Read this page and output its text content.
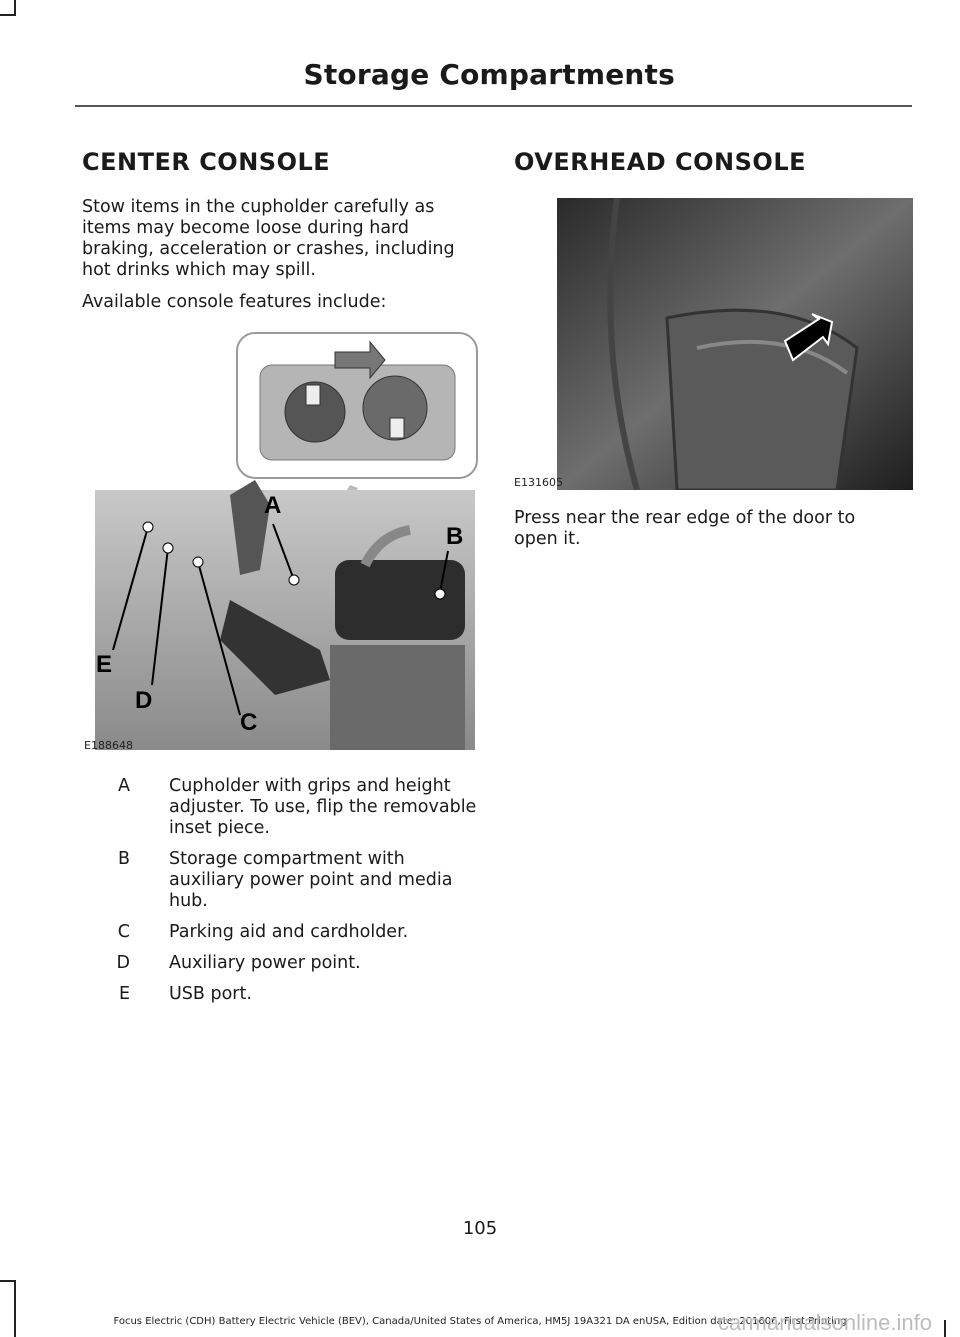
Storage Compartments
CENTER CONSOLE

Stow items in the cupholder carefully as items may become loose during hard braking, acceleration or crashes, including hot drinks which may spill.

Available console features include:

A
B
C
D
E
E188648
A Cupholder with grips and height adjuster. To use, flip the removable inset piece.
B Storage compartment with auxiliary power point and media hub.
C Parking aid and cardholder.
D Auxiliary power point.
E USB port.
OVERHEAD CONSOLE
E131605

Press near the rear edge of the door to open it.

105
Focus Electric (CDH) Battery Electric Vehicle (BEV), Canada/United States of America, HM5J 19A321 DA enUSA, Edition date: 201606, First Printing
carmanualsonline.info
